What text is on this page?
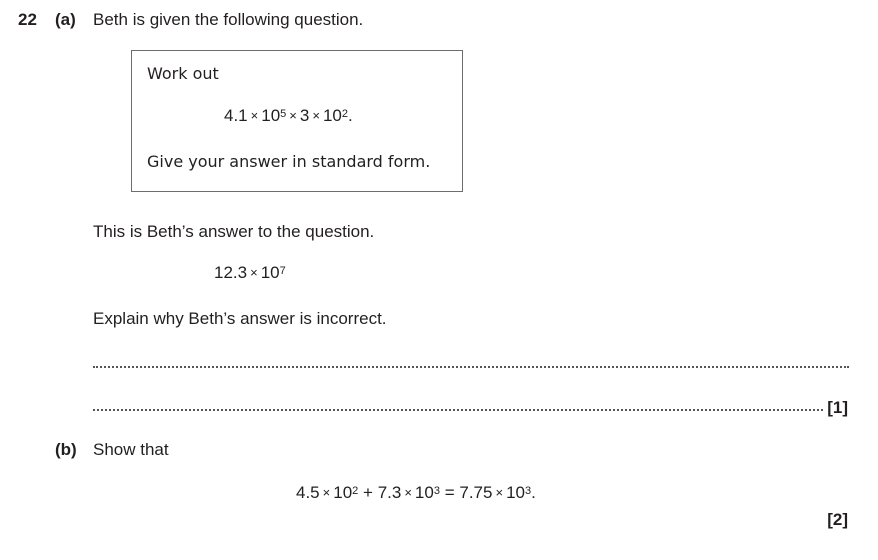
22 (a) Beth is given the following question.
Work out
$4.1 \times 10^5 \times 3 \times 10^2$.
Give your answer in standard form.
This is Beth’s answer to the question.
$12.3 \times 10^7$
Explain why Beth’s answer is incorrect.
[1]
(b) Show that
$4.5 \times 10^2 + 7.3 \times 10^3 = 7.75 \times 10^3$.
[2]
